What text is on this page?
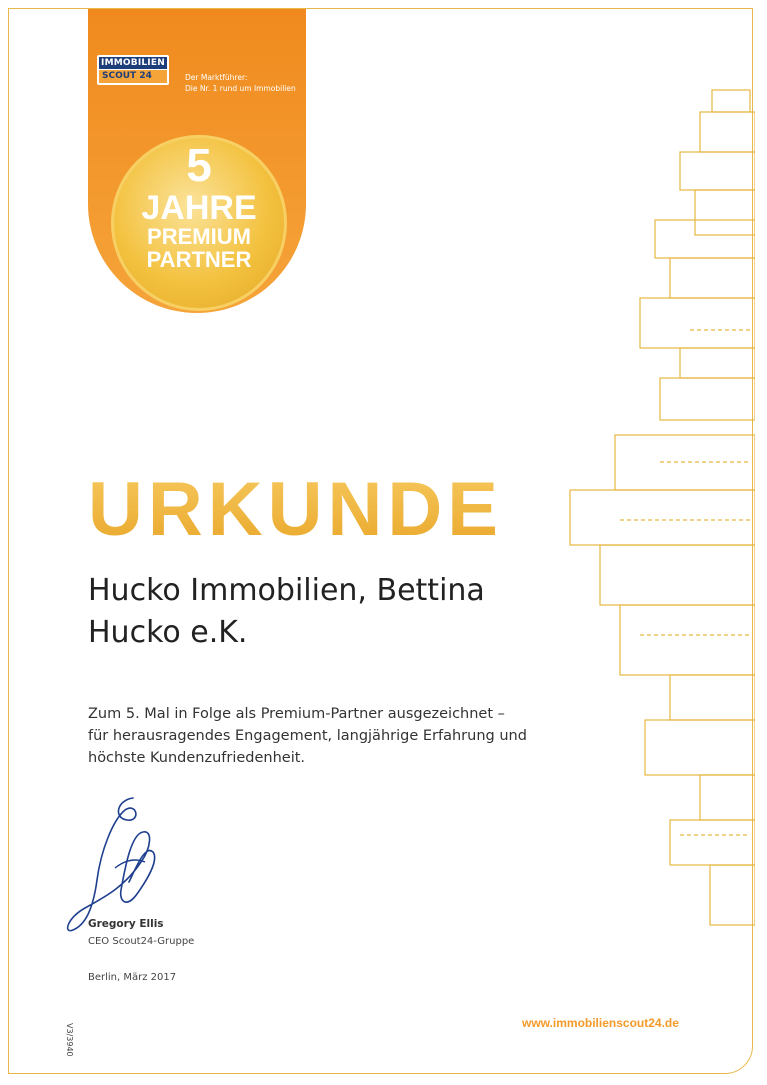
IMMOBILIEN
SCOUT 24	Der Marktführer:
Die Nr. 1 rund um Immobilien
5
JAHRE
PREMIUM
PARTNER
URKUNDE
Hucko Immobilien, Bettina
Hucko e.K.
Zum 5. Mal in Folge als Premium-Partner ausgezeichnet –
für herausragendes Engagement, langjährige Erfahrung und
höchste Kundenzufriedenheit.
Gregory Ellis
CEO Scout24-Gruppe
Berlin, März 2017
V3/3940	www.immobilienscout24.de
